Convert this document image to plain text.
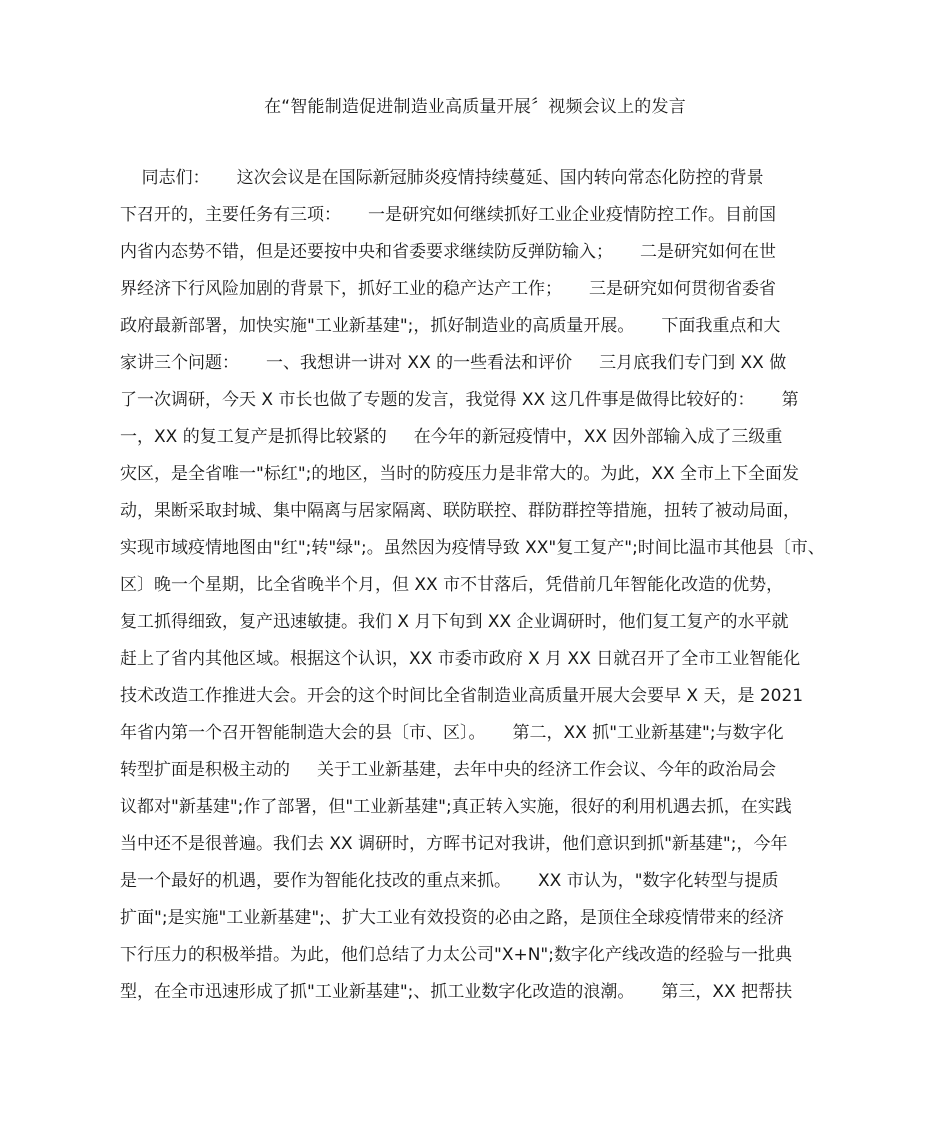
在“智能制造促进制造业高质量开展〞视频会议上的发言
同志们：     这次会议是在国际新冠肺炎疫情持续蔓延、国内转向常态化防控的背景
下召开的，主要任务有三项：     一是研究如何继续抓好工业企业疫情防控工作。目前国
内省内态势不错，但是还要按中央和省委要求继续防反弹防输入；     二是研究如何在世
界经济下行风险加剧的背景下，抓好工业的稳产达产工作；     三是研究如何贯彻省委省
政府最新部署，加快实施"工业新基建";，抓好制造业的高质量开展。     下面我重点和大
家讲三个问题：     一、我想讲一讲对 XX 的一些看法和评价     三月底我们专门到 XX 做
了一次调研，今天 X 市长也做了专题的发言，我觉得 XX 这几件事是做得比较好的：     第
一，XX 的复工复产是抓得比较紧的     在今年的新冠疫情中，XX 因外部输入成了三级重
灾区，是全省唯一"标红";的地区，当时的防疫压力是非常大的。为此，XX 全市上下全面发
动，果断采取封城、集中隔离与居家隔离、联防联控、群防群控等措施，扭转了被动局面，
实现市域疫情地图由"红";转"绿";。虽然因为疫情导致 XX"复工复产";时间比温市其他县〔市、
区〕晚一个星期，比全省晚半个月，但 XX 市不甘落后，凭借前几年智能化改造的优势，
复工抓得细致，复产迅速敏捷。我们 X 月下旬到 XX 企业调研时，他们复工复产的水平就
赶上了省内其他区域。根据这个认识，XX 市委市政府 X 月 XX 日就召开了全市工业智能化
技术改造工作推进大会。开会的这个时间比全省制造业高质量开展大会要早 X 天，是 2021
年省内第一个召开智能制造大会的县〔市、区〕。     第二，XX 抓"工业新基建";与数字化
转型扩面是积极主动的     关于工业新基建，去年中央的经济工作会议、今年的政治局会
议都对"新基建";作了部署，但"工业新基建";真正转入实施，很好的利用机遇去抓，在实践
当中还不是很普遍。我们去 XX 调研时，方晖书记对我讲，他们意识到抓"新基建";，今年
是一个最好的机遇，要作为智能化技改的重点来抓。     XX 市认为，"数字化转型与提质
扩面";是实施"工业新基建";、扩大工业有效投资的必由之路，是顶住全球疫情带来的经济
下行压力的积极举措。为此，他们总结了力太公司"X+N";数字化产线改造的经验与一批典
型，在全市迅速形成了抓"工业新基建";、抓工业数字化改造的浪潮。     第三，XX 把帮扶
